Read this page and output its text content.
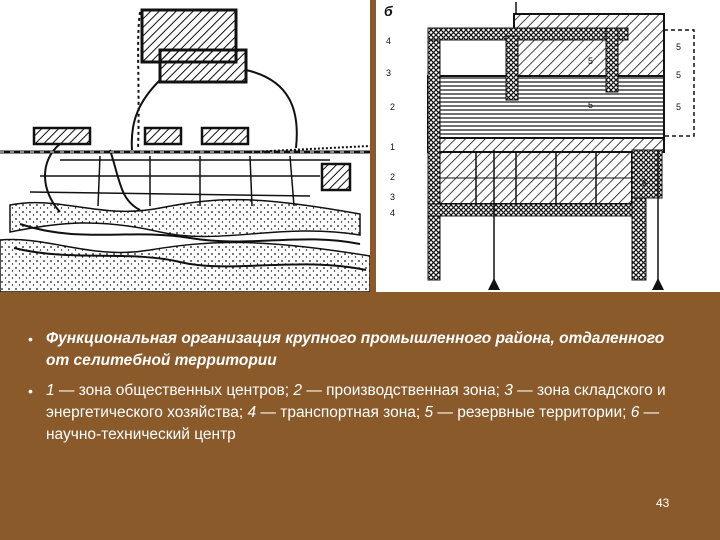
б
4
3
2
1
2
3
4
5
5
5	5
5
6
• Функциональная организация крупного промышленного района, отдаленного от селитебной территории
• 1 — зона общественных центров; 2 — производственная зона; 3 — зона складского и энергетического хозяйства; 4 — транспортная зона; 5 — резервные территории; 6 — научно-технический центр
43
